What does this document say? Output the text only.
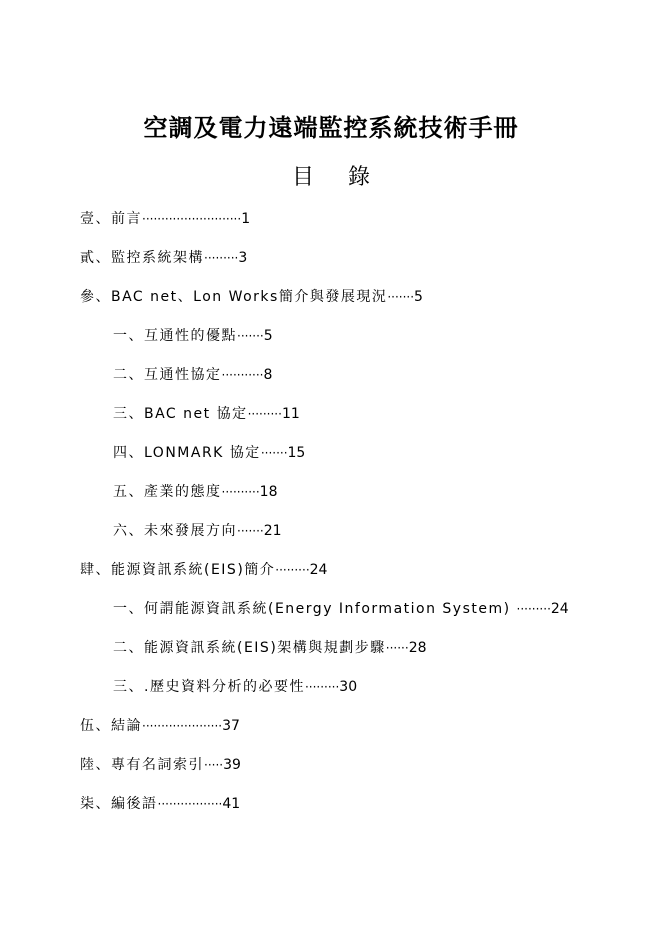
空調及電力遠端監控系統技術手冊
目錄
壹、前言··························1
貳、監控系統架構·········3
參、BAC net、Lon Works簡介與發展現況·······5
一、互通性的優點·······5
二、互通性協定···········8
三、BAC net 協定·········11
四、LONMARK 協定·······15
五、產業的態度··········18
六、未來發展方向·······21
肆、能源資訊系統(EIS)簡介·········24
一、何謂能源資訊系統(Energy Information System) ·········24
二、能源資訊系統(EIS)架構與規劃步驟······28
三、.歷史資料分析的必要性·········30
伍、結論·····················37
陸、專有名詞索引·····39
柒、編後語·················41
